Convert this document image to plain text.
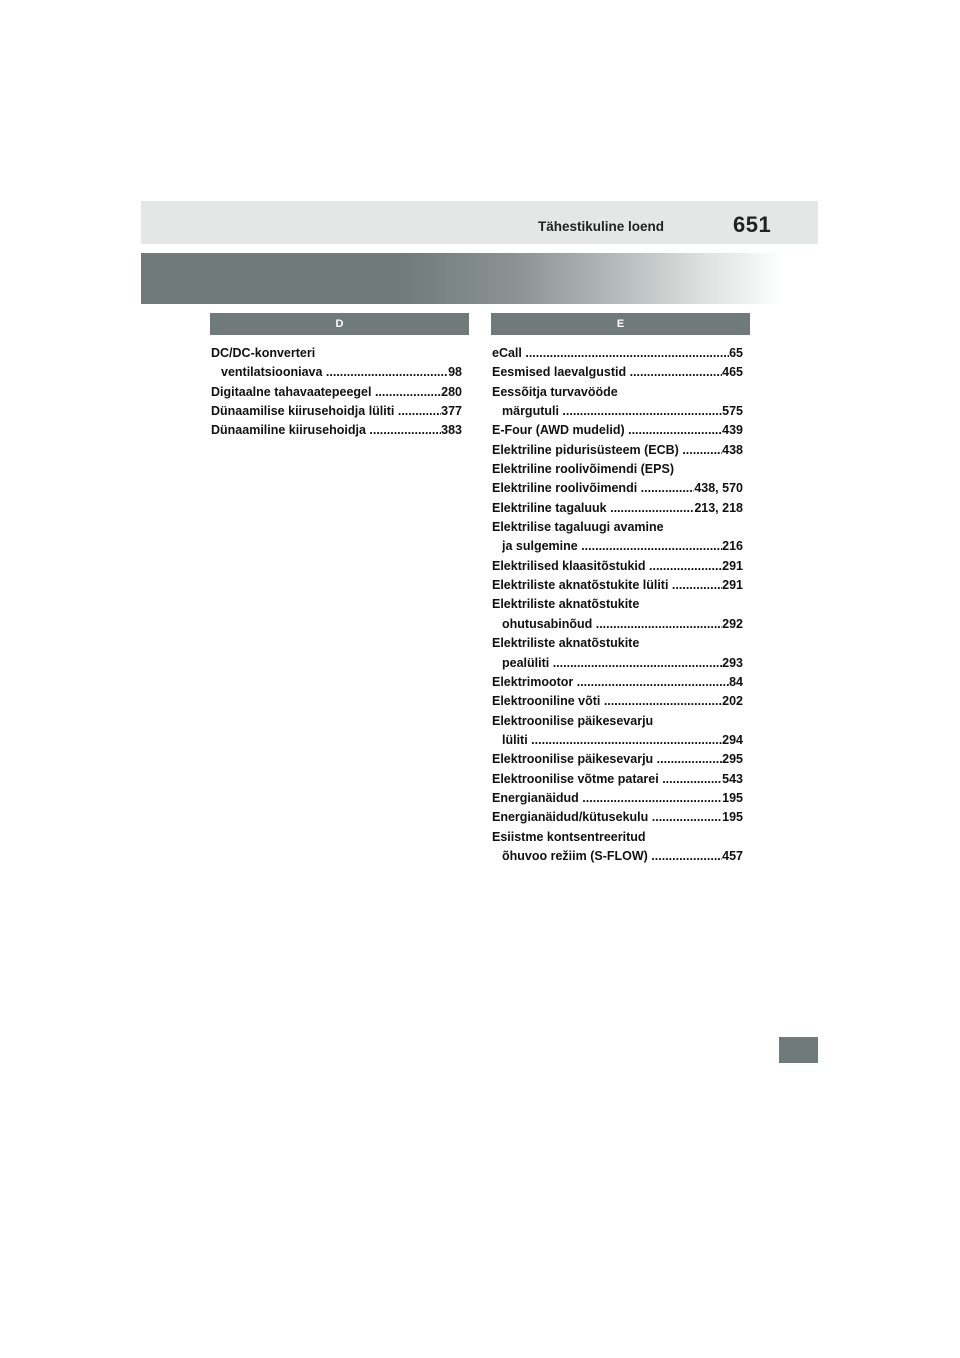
Tähestikuline loend	651
D	E
DC/DC-konverteri
ventilatsiooniava .....	98
Digitaalne tahavaatepeegel .....	280
Dünaamilise kiirusehoidja lüliti .....	377
Dünaamiline kiirusehoidja .....	383
eCall .....	65
Eesmised laevalgustid .....	465
Eessõitja turvavööde
märgutuli .....	575
E-Four (AWD mudelid) .....	439
Elektriline pidurisüsteem (ECB) .....	438
Elektriline roolivõimendi (EPS)
Elektriline roolivõimendi .....	438, 570
Elektriline tagaluuk .....	213, 218
Elektrilise tagaluugi avamine
ja sulgemine .....	216
Elektrilised klaasitõstukid .....	291
Elektriliste aknatõstukite lüliti .....	291
Elektriliste aknatõstukite
ohutusabinõud .....	292
Elektriliste aknatõstukite
pealüliti .....	293
Elektrimootor .....	84
Elektrooniline võti .....	202
Elektroonilise päikesevarju
lüliti .....	294
Elektroonilise päikesevarju .....	295
Elektroonilise võtme patarei .....	543
Energianäidud .....	195
Energianäidud/kütusekulu .....	195
Esiistme kontsentreeritud
õhuvoo režiim (S-FLOW) .....	457
